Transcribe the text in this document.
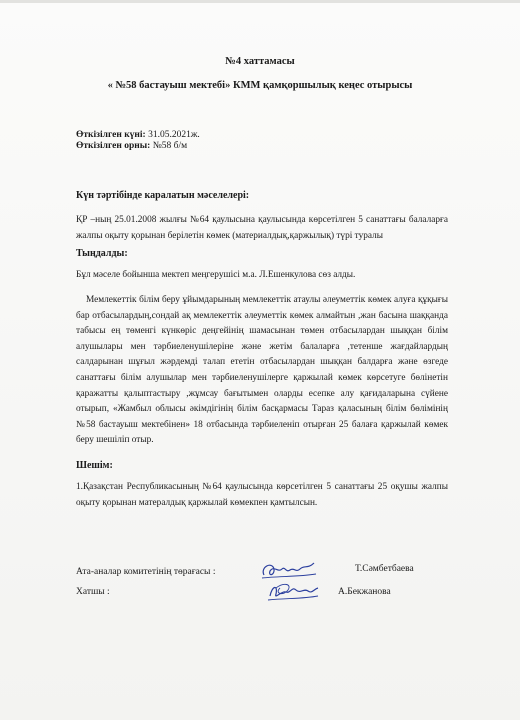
№4 хаттамасы
« №58 бастауыш мектебі» КММ қамқоршылық кеңес отырысы
Өткізілген күні: 31.05.2021ж.
Өткізілген орны: №58 б/м
Күн тәртібінде каралатын мәселелері:
ҚР –ның 25.01.2008 жылғы №64 қаулысына қаулысында көрсетілген 5 санаттағы балаларға жалпы оқыту қорынан берілетін көмек (материалдық,қаржылық) түрі туралы
Тыңдалды:
Бұл мәселе бойынша мектеп меңгерушісі м.а. Л.Ешенкулова сөз алды.
Мемлекеттік білім беру ұйымдарының мемлекеттік атаулы әлеуметтік көмек алуға құқығы бар отбасылардың,сондай ақ мемлекеттік әлеуметтік көмек алмайтын ,жан басына шаққанда табысы ең төменгі күнкөріс деңгейінің шамасынан төмен отбасылардан шыққан білім алушылары мен тәрбиеленушілеріне және жетім балаларға ,тетенше жағдайлардың салдарынан шұғыл жәрдемді талап ететін отбасылардан шыққан балдарға және өзгеде санаттағы білім алушылар мен тәрбиеленушілерге қаржылай көмек көрсетуге бөлінетін қаражатты қалыптастыру ,жұмсау бағытымен оларды есепке алу қағидаларына сүйене отырып, «Жамбыл облысы әкімдігінің білім басқармасы Тараз қаласының білім бөлімінің №58 бастауыш мектебінен» 18 отбасында тәрбиеленіп отырған 25 балаға қаржылай көмек беру шешіліп отыр.
Шешім:
1.Қазақстан Республикасының №64 қаулысында көрсетілген 5 санаттағы 25 оқушы жалпы оқыту қорынан матералдық қаржылай көмекпен қамтылсын.
Ата-аналар комитетінің төрағасы :	Т.Сәмбетбаева
Хатшы :	А.Бекжанова
